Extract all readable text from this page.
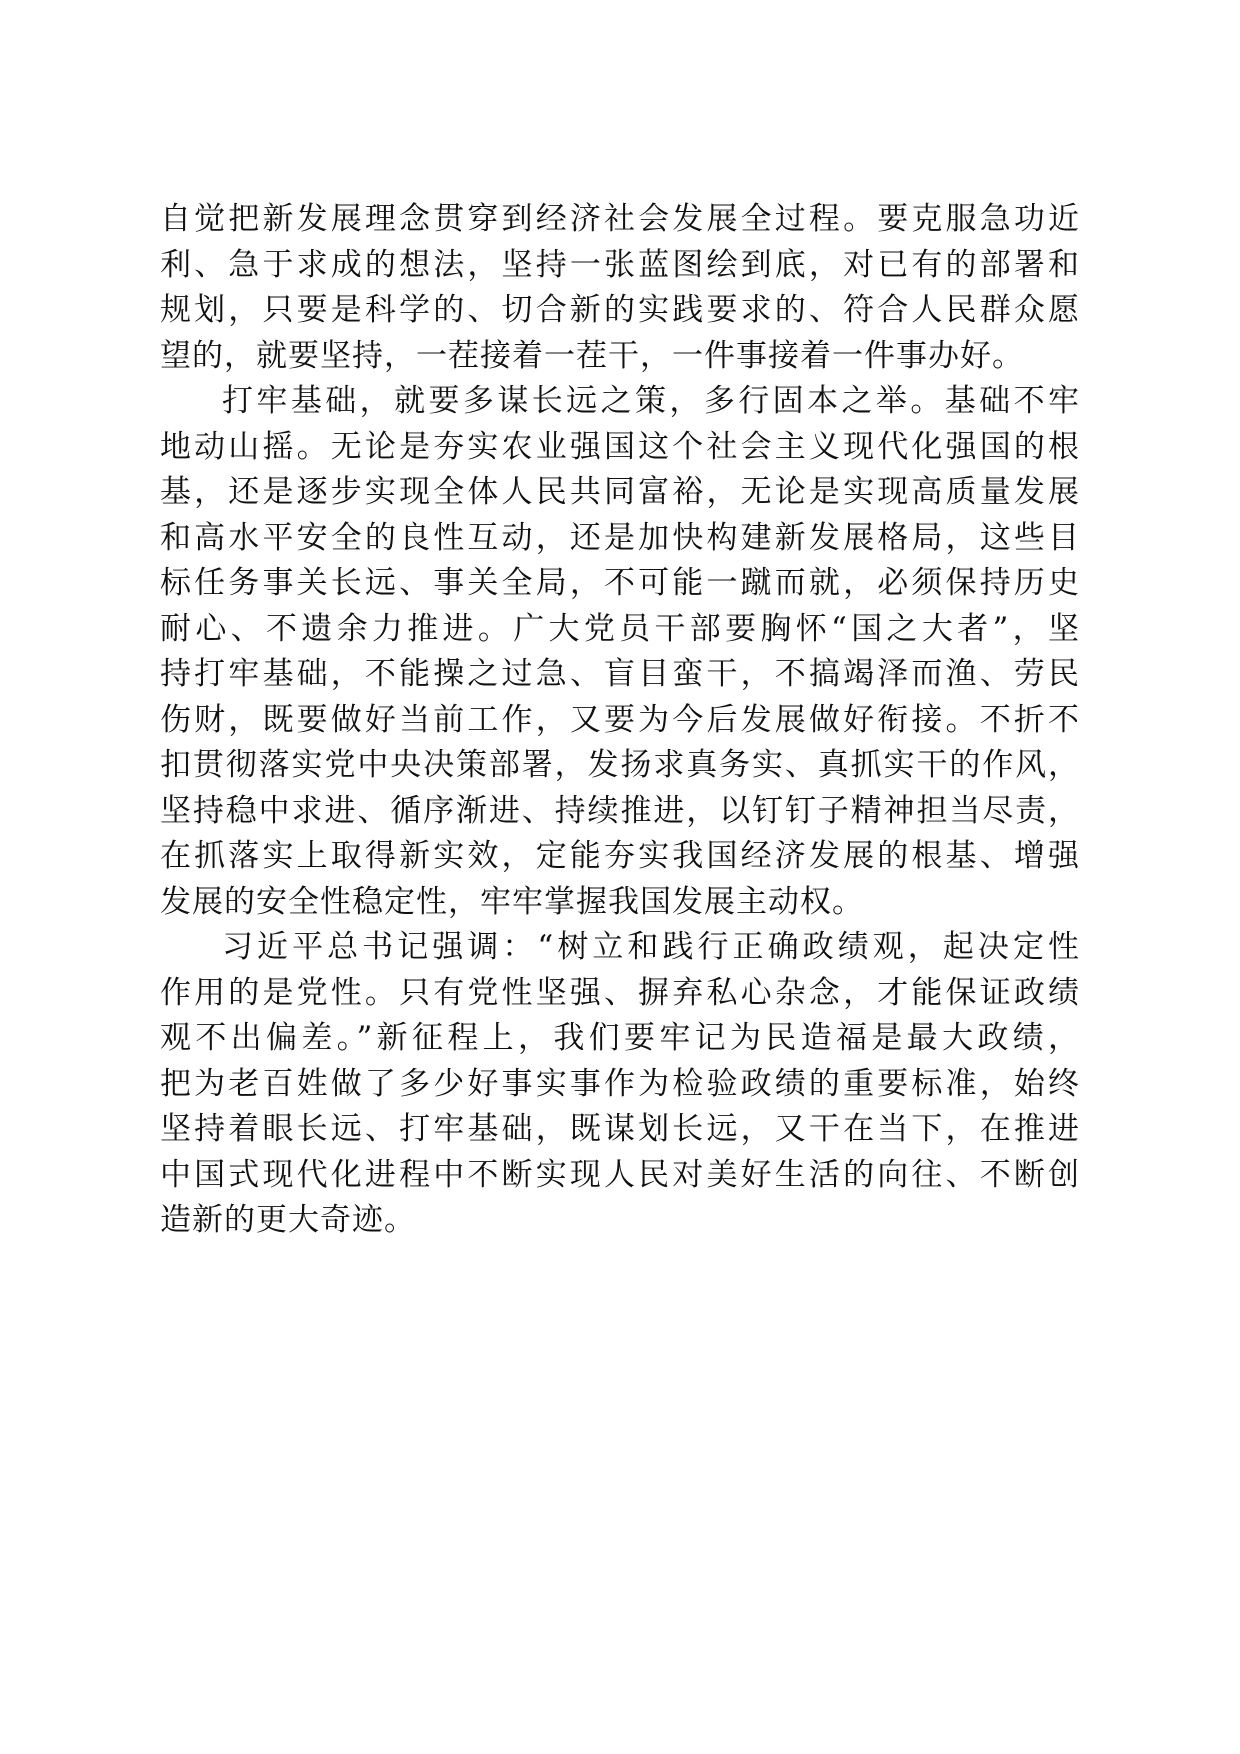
自觉把新发展理念贯穿到经济社会发展全过程。要克服急功近
利、急于求成的想法，坚持一张蓝图绘到底，对已有的部署和
规划，只要是科学的、切合新的实践要求的、符合人民群众愿
望的，就要坚持，一茬接着一茬干，一件事接着一件事办好。
打牢基础，就要多谋长远之策，多行固本之举。基础不牢
地动山摇。无论是夯实农业强国这个社会主义现代化强国的根
基，还是逐步实现全体人民共同富裕，无论是实现高质量发展
和高水平安全的良性互动，还是加快构建新发展格局，这些目
标任务事关长远、事关全局，不可能一蹴而就，必须保持历史
耐心、不遗余力推进。广大党员干部要胸怀“国之大者”，坚
持打牢基础，不能操之过急、盲目蛮干，不搞竭泽而渔、劳民
伤财，既要做好当前工作，又要为今后发展做好衔接。不折不
扣贯彻落实党中央决策部署，发扬求真务实、真抓实干的作风，
坚持稳中求进、循序渐进、持续推进，以钉钉子精神担当尽责，
在抓落实上取得新实效，定能夯实我国经济发展的根基、增强
发展的安全性稳定性，牢牢掌握我国发展主动权。
习近平总书记强调：“树立和践行正确政绩观，起决定性
作用的是党性。只有党性坚强、摒弃私心杂念，才能保证政绩
观不出偏差。”新征程上，我们要牢记为民造福是最大政绩，
把为老百姓做了多少好事实事作为检验政绩的重要标准，始终
坚持着眼长远、打牢基础，既谋划长远，又干在当下，在推进
中国式现代化进程中不断实现人民对美好生活的向往、不断创
造新的更大奇迹。
